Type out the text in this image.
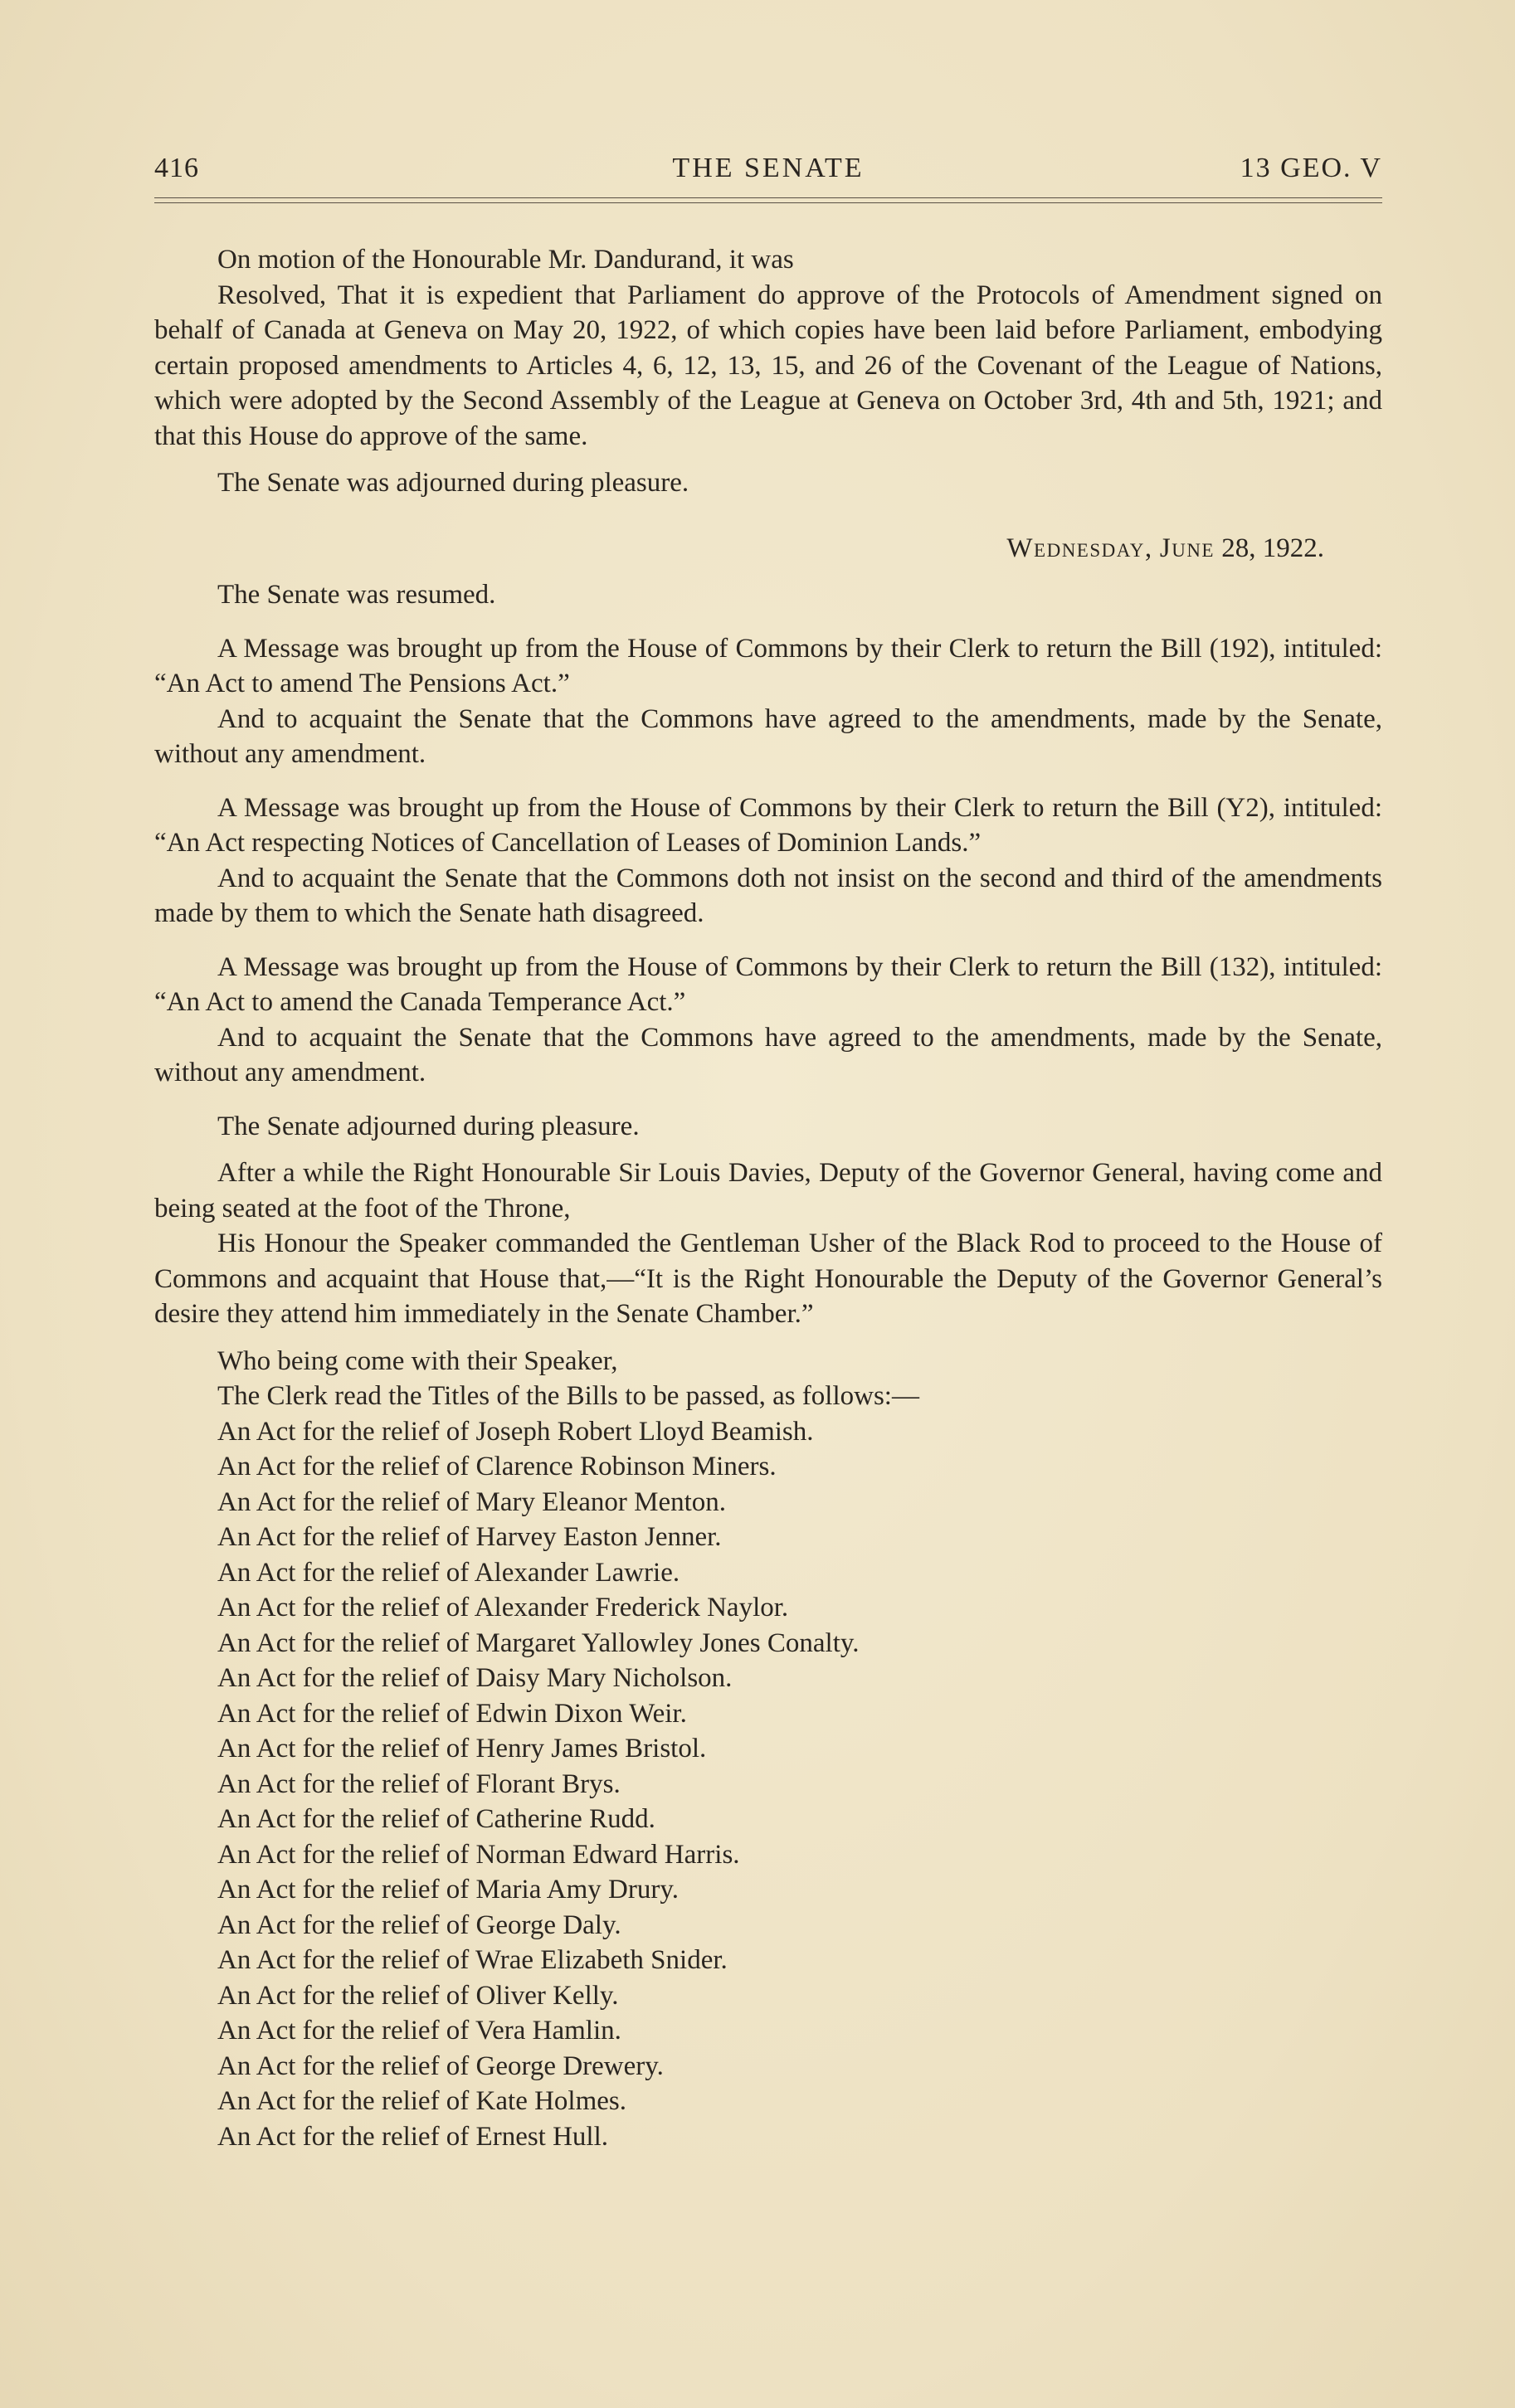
416	THE SENATE	13 GEO. V

On motion of the Honourable Mr. Dandurand, it was

Resolved, That it is expedient that Parliament do approve of the Protocols of Amendment signed on behalf of Canada at Geneva on May 20, 1922, of which copies have been laid before Parliament, embodying certain proposed amendments to Articles 4, 6, 12, 13, 15, and 26 of the Covenant of the League of Nations, which were adopted by the Second Assembly of the League at Geneva on October 3rd, 4th and 5th, 1921; and that this House do approve of the same.

The Senate was adjourned during pleasure.

Wednesday, June 28, 1922.

The Senate was resumed.

A Message was brought up from the House of Commons by their Clerk to return the Bill (192), intituled: “An Act to amend The Pensions Act.”

And to acquaint the Senate that the Commons have agreed to the amendments, made by the Senate, without any amendment.

A Message was brought up from the House of Commons by their Clerk to return the Bill (Y2), intituled: “An Act respecting Notices of Cancellation of Leases of Dominion Lands.”

And to acquaint the Senate that the Commons doth not insist on the second and third of the amendments made by them to which the Senate hath disagreed.

A Message was brought up from the House of Commons by their Clerk to return the Bill (132), intituled: “An Act to amend the Canada Temperance Act.”

And to acquaint the Senate that the Commons have agreed to the amendments, made by the Senate, without any amendment.

The Senate adjourned during pleasure.

After a while the Right Honourable Sir Louis Davies, Deputy of the Governor General, having come and being seated at the foot of the Throne,

His Honour the Speaker commanded the Gentleman Usher of the Black Rod to proceed to the House of Commons and acquaint that House that,—“It is the Right Honourable the Deputy of the Governor General’s desire they attend him immediately in the Senate Chamber.”

Who being come with their Speaker,

The Clerk read the Titles of the Bills to be passed, as follows:—

An Act for the relief of Joseph Robert Lloyd Beamish.
An Act for the relief of Clarence Robinson Miners.
An Act for the relief of Mary Eleanor Menton.
An Act for the relief of Harvey Easton Jenner.
An Act for the relief of Alexander Lawrie.
An Act for the relief of Alexander Frederick Naylor.
An Act for the relief of Margaret Yallowley Jones Conalty.
An Act for the relief of Daisy Mary Nicholson.
An Act for the relief of Edwin Dixon Weir.
An Act for the relief of Henry James Bristol.
An Act for the relief of Florant Brys.
An Act for the relief of Catherine Rudd.
An Act for the relief of Norman Edward Harris.
An Act for the relief of Maria Amy Drury.
An Act for the relief of George Daly.
An Act for the relief of Wrae Elizabeth Snider.
An Act for the relief of Oliver Kelly.
An Act for the relief of Vera Hamlin.
An Act for the relief of George Drewery.
An Act for the relief of Kate Holmes.
An Act for the relief of Ernest Hull.
